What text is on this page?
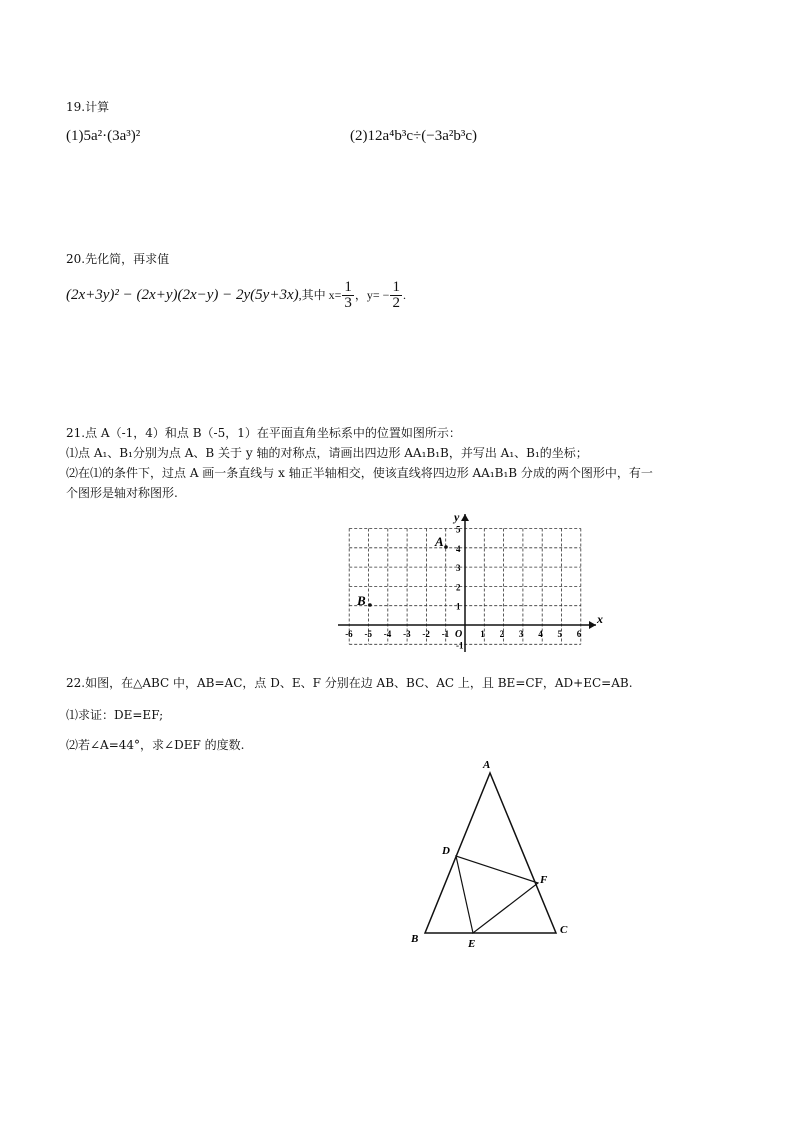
19.计算
(1)5a²·(3a³)²	(2)12a⁴b³c÷(−3a²b³c)
20.先化简，再求值
(2x+3y)² − (2x+y)(2x−y) − 2y(5y+3x),其中 $x= \frac{1}{3}$ ，$y= - \frac{1}{2}$ .
21.点 A（-1，4）和点 B（-5，1）在平面直角坐标系中的位置如图所示：
⑴点 A₁、B₁分别为点 A、B 关于 y 轴的对称点，请画出四边形 AA₁B₁B，并写出 A₁、B₁的坐标；
⑵在⑴的条件下，过点 A 画一条直线与 x 轴正半轴相交，使该直线将四边形 AA₁B₁B 分成的两个图形中，有一
个图形是轴对称图形.
-6 -5 -4 -3 -2 -1	1 2 3 4 5 6
5
4
3
2
1
-1
x
y
O
A
B
22.如图，在△ABC 中，AB=AC，点 D、E、F 分别在边 AB、BC、AC 上，且 BE=CF，AD+EC=AB.
⑴求证：DE=EF;
⑵若∠A=44°，求∠DEF 的度数.
A
B
C
D
E
F
